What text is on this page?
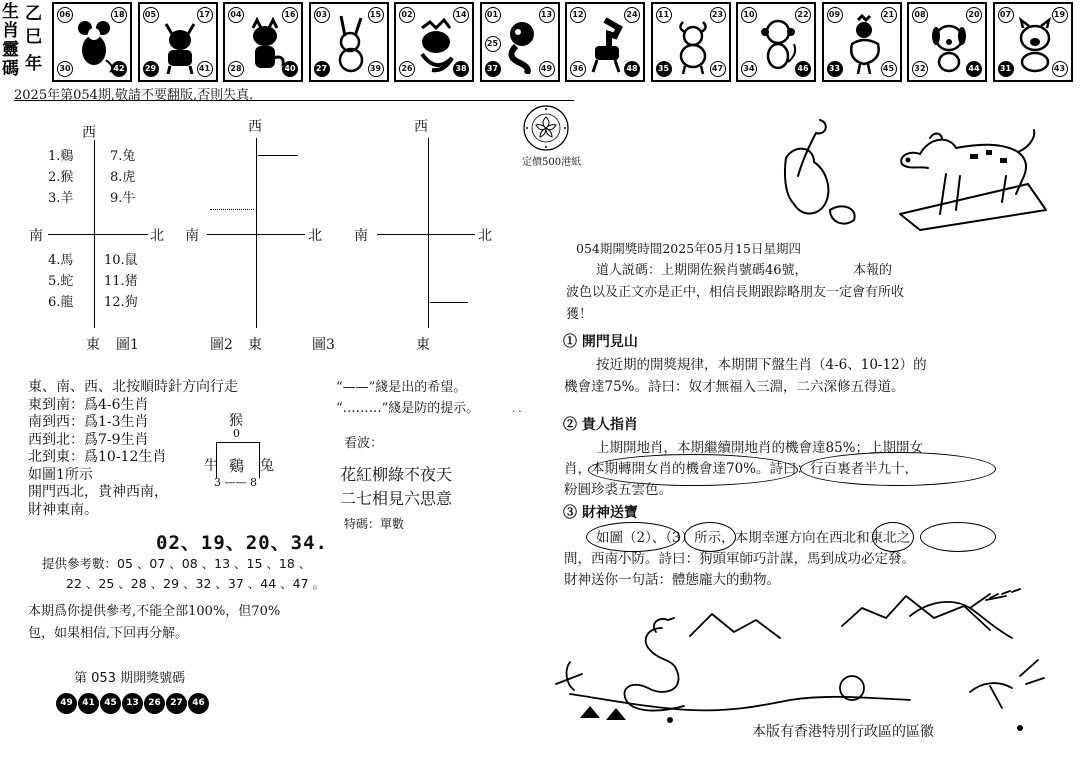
生
肖
靈
碼
乙
巳
年
06	18
30	42
05	17
29	41
04	16
28	40
03	15
27	39
02	14
26	38
01	13
25
37	49
12	24
36	48
11	23
35	47
10	22
34	46
09	21
33	45
08	20
32	44
07	19
31	43
2025年第054期,敬請不要翻版,否則失真.
西
南	北
東 圖1
1.鷄
2.猴
3.羊
7.兔
8.虎
9.牛
4.馬
5.蛇
6.龍
10.鼠
11.猪
12.狗
西
南	北
圖2 東	圖3
西
南	北
東
東、南、西、北按順時針方向行走
東到南：爲4-6生肖
南到西：爲1-3生肖
西到北：爲7-9生肖
北到東：爲10-12生肖
如圖1所示
開門西北，貴神西南，
財神東南。
猴
0
牛 鷄 兔
3 —— 8
“——”綫是出的希望。
“………”綫是防的提示。	. .
看波：
花紅柳綠不夜天
二七相見六思意
特碼：單數
02、19、20、34.
提供參考數：05 、07 、08 、13 、15 、18 、
22 、25 、28 、29 、32 、37 、44 、47 。
本期爲你提供參考,不能全部100%，但70%
包，如果相信,下回再分解。
第 053 期開獎號碼
49	41	45	13	26	27	46
定價500港紙
054期開獎時間2025年05月15日星期四
道人説碼：上期開佐猴肖號碼46號，　　　　本報的
波色以及正文亦是正中，相信長期跟踪略朋友一定會有所收
獲！
① 開門見山
按近期的開獎規律，本期開下盤生肖（4-6、10-12）的
機會達75%。詩曰：奴才無福入三淵，二六深修五得道。
② 貴人指肖
上期開地肖，本期繼續開地肖的機會達85%；上期開女
肖，本期轉開女肖的機會達70%。詩曰：行百裏者半九十，
粉圓珍裘五雲色。
③ 財神送寶
如圖（2）、（3）所示，本期幸運方向在西北和東北之
間，西南小防。詩曰：狗頭軍師巧計謀，馬到成功必定發。
財神送你一句話：體態龐大的動物。
本版有香港特別行政區的區徽
